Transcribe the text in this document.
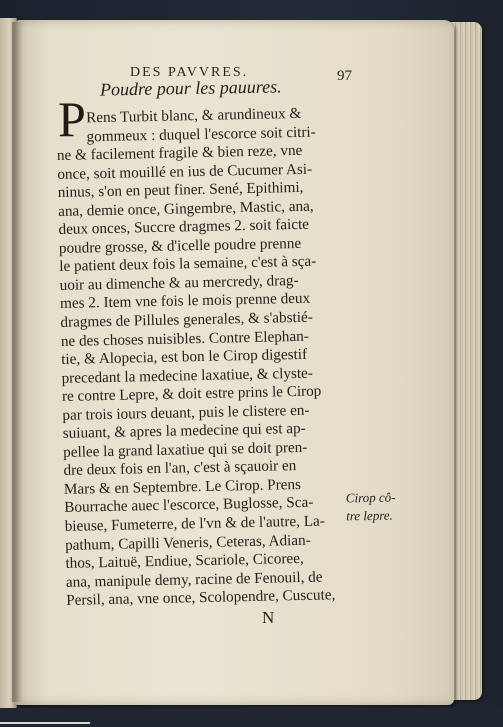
DES PAVVRES.	97
Poudre pour les pauures.
P Rens Turbit blanc, & arundineux &
gommeux : duquel l'escorce soit citri-
ne & facilement fragile & bien reze, vne
once, soit mouillé en ius de Cucumer Asi-
ninus, s'on en peut finer. Sené, Epithimi,
ana, demie once, Gingembre, Mastic, ana,
deux onces, Succre dragmes 2. soit faicte
poudre grosse, & d'icelle poudre prenne
le patient deux fois la semaine, c'est à sça-
uoir au dimenche & au mercredy, drag-
mes 2. Item vne fois le mois prenne deux
dragmes de Pillules generales, & s'abstié-
ne des choses nuisibles. Contre Elephan-
tie, & Alopecia, est bon le Cirop digestif
precedant la medecine laxatiue, & clyste-
re contre Lepre, & doit estre prins le Cirop
par trois iours deuant, puis le clistere en-
suiuant, & apres la medecine qui est ap-
pellee la grand laxatiue qui se doit pren-
dre deux fois en l'an, c'est à sçauoir en
Mars & en Septembre. Le Cirop. Prens
Bourrache auec l'escorce, Buglosse, Sca-
bieuse, Fumeterre, de l'vn & de l'autre, La-
pathum, Capilli Veneris, Ceteras, Adian-
thos, Laituë, Endiue, Scariole, Cicoree,
ana, manipule demy, racine de Fenouil, de
Persil, ana, vne once, Scolopendre, Cuscute,
Cirop cô-
tre lepre.
N
